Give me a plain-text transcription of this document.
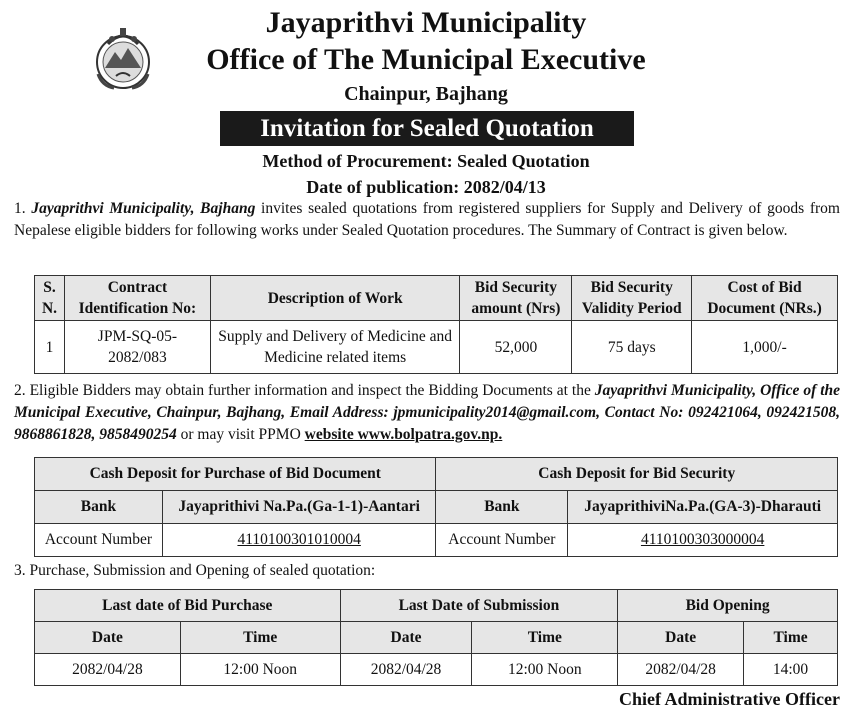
Jayaprithvi Municipality
Office of The Municipal Executive
Chainpur, Bajhang
Invitation for Sealed Quotation
Method of Procurement: Sealed Quotation
Date of publication: 2082/04/13
1. Jayaprithvi Municipality, Bajhang invites sealed quotations from registered suppliers for Supply and Delivery of goods from Nepalese eligible bidders for following works under Sealed Quotation procedures. The Summary of Contract is given below.
S. N.	Contract Identification No:	Description of Work	Bid Security amount (Nrs)	Bid Security Validity Period	Cost of Bid Document (NRs.)
1	JPM-SQ-05-2082/083	Supply and Delivery of Medicine and Medicine related items	52,000	75 days	1,000/-
2. Eligible Bidders may obtain further information and inspect the Bidding Documents at the Jayaprithvi Municipality, Office of the Municipal Executive, Chainpur, Bajhang, Email Address: jpmunicipality2014@gmail.com, Contact No: 092421064, 092421508, 9868861828, 9858490254 or may visit PPMO website www.bolpatra.gov.np.
Cash Deposit for Purchase of Bid Document		Cash Deposit for Bid Security	
Bank	Jayaprithivi Na.Pa.(Ga-1-1)-Aantari	Bank	JayaprithiviNa.Pa.(GA-3)-Dharauti
Account Number	4110100301010004	Account Number	4110100303000004
3. Purchase, Submission and Opening of sealed quotation:
Last date of Bid Purchase		Last Date of Submission		Bid Opening	
Date	Time	Date	Time	Date	Time
2082/04/28	12:00 Noon	2082/04/28	12:00 Noon	2082/04/28	14:00
Chief Administrative Officer
